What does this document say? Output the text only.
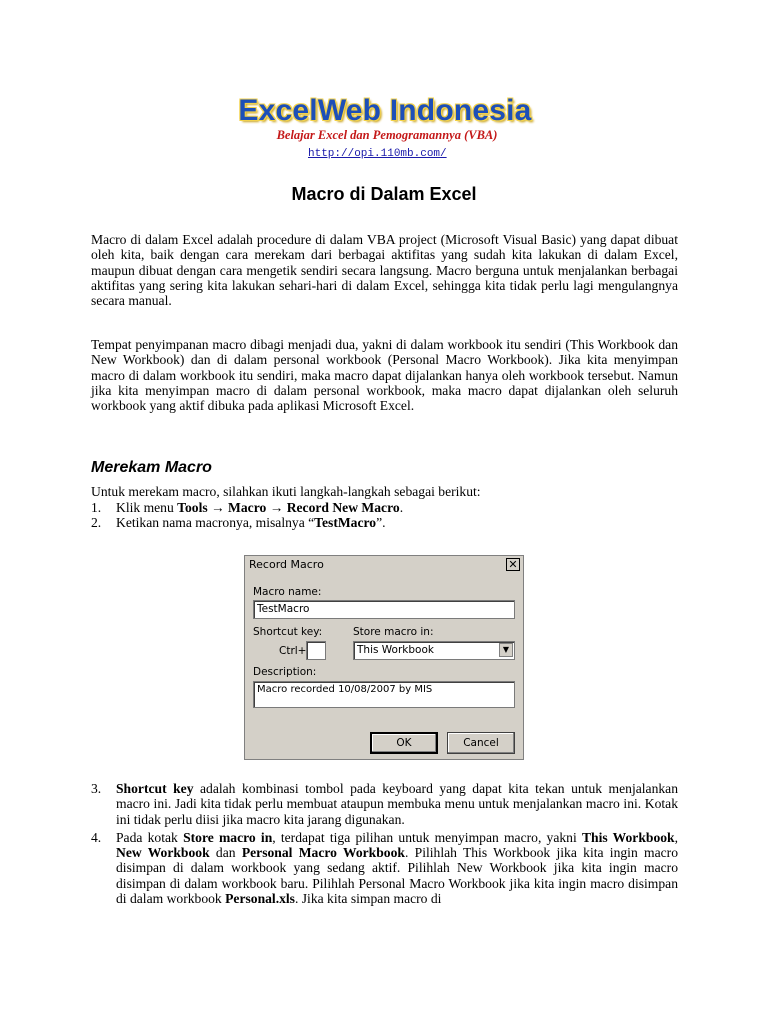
ExcelWeb Indonesia
Belajar Excel dan Pemogramannya (VBA)
http://opi.110mb.com/
Macro di Dalam Excel
Macro di dalam Excel adalah procedure di dalam VBA project (Microsoft Visual Basic) yang dapat dibuat oleh kita, baik dengan cara merekam dari berbagai aktifitas yang sudah kita lakukan di dalam Excel, maupun dibuat dengan cara mengetik sendiri secara langsung. Macro berguna untuk menjalankan berbagai aktifitas yang sering kita lakukan sehari-hari di dalam Excel, sehingga kita tidak perlu lagi mengulangnya secara manual.
Tempat penyimpanan macro dibagi menjadi dua, yakni di dalam workbook itu sendiri (This Workbook dan New Workbook) dan di dalam personal workbook (Personal Macro Workbook). Jika kita menyimpan macro di dalam workbook itu sendiri, maka macro dapat dijalankan hanya oleh workbook tersebut. Namun jika kita menyimpan macro di dalam personal workbook, maka macro dapat dijalankan oleh seluruh workbook yang aktif dibuka pada aplikasi Microsoft Excel.
Merekam Macro
Untuk merekam macro, silahkan ikuti langkah-langkah sebagai berikut:
1. Klik menu Tools → Macro → Record New Macro.
2. Ketikan nama macronya, misalnya “TestMacro”.
Record Macro	✕
Macro name:
TestMacro
Shortcut key:
Ctrl+
Store macro in:
This Workbook	▼
Description:
Macro recorded 10/08/2007 by MIS
OK	Cancel
3. Shortcut key adalah kombinasi tombol pada keyboard yang dapat kita tekan untuk menjalankan macro ini. Jadi kita tidak perlu membuat ataupun membuka menu untuk menjalankan macro ini. Kotak ini tidak perlu diisi jika macro kita jarang digunakan.
4. Pada kotak Store macro in, terdapat tiga pilihan untuk menyimpan macro, yakni This Workbook, New Workbook dan Personal Macro Workbook. Pilihlah This Workbook jika kita ingin macro disimpan di dalam workbook yang sedang aktif. Pilihlah New Workbook jika kita ingin macro disimpan di dalam workbook baru. Pilihlah Personal Macro Workbook jika kita ingin macro disimpan di dalam workbook Personal.xls. Jika kita simpan macro di
